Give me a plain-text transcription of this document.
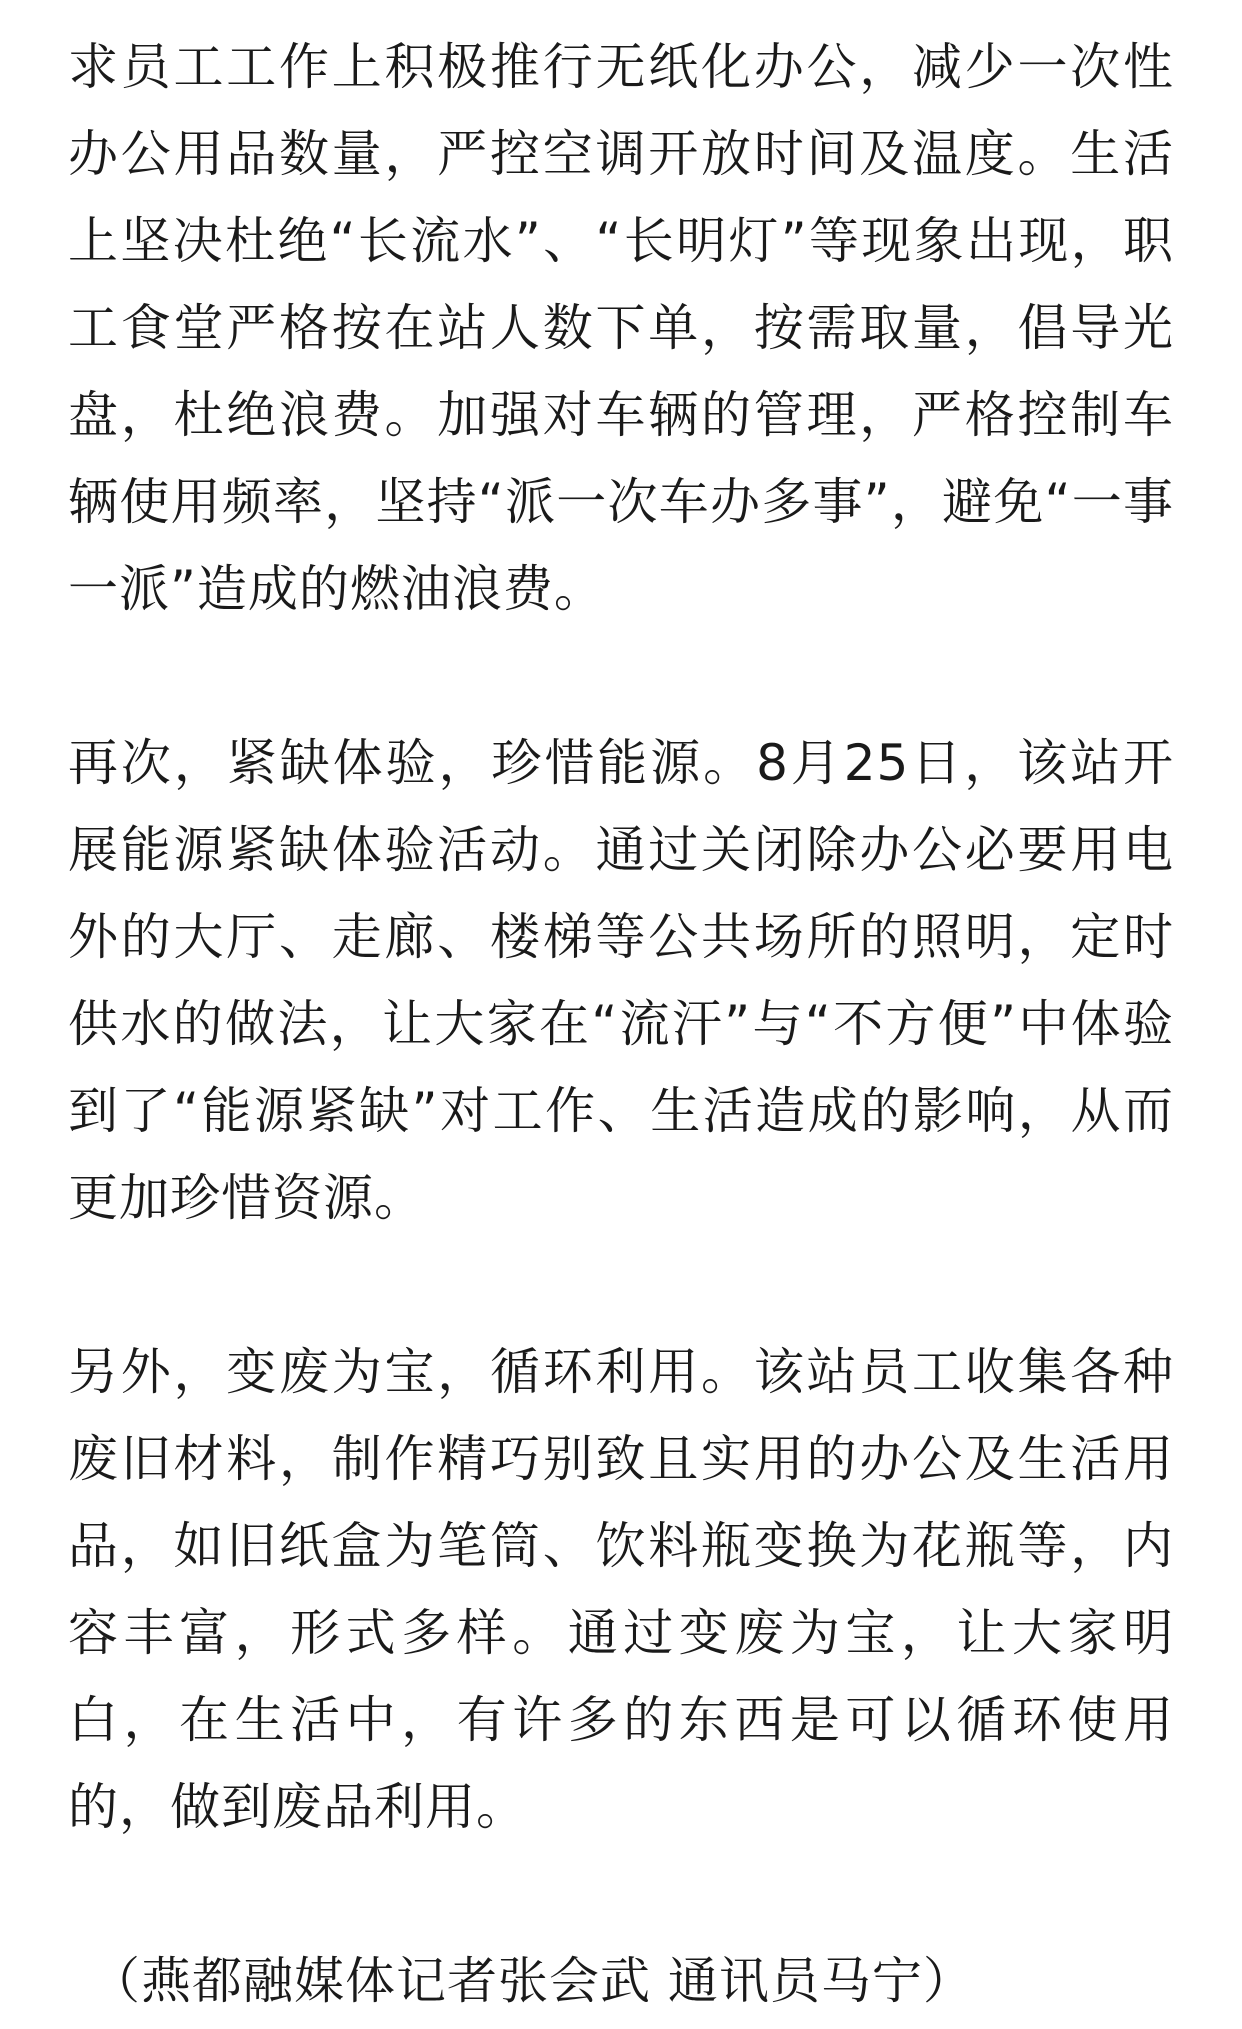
求员工工作上积极推行无纸化办公，减少一次性办公用品数量，严控空调开放时间及温度。生活上坚决杜绝“长流水”、“长明灯”等现象出现，职工食堂严格按在站人数下单，按需取量，倡导光盘，杜绝浪费。加强对车辆的管理，严格控制车辆使用频率，坚持“派一次车办多事”，避免“一事一派”造成的燃油浪费。

再次，紧缺体验，珍惜能源。8月25日，该站开展能源紧缺体验活动。通过关闭除办公必要用电外的大厅、走廊、楼梯等公共场所的照明，定时供水的做法，让大家在“流汗”与“不方便”中体验到了“能源紧缺”对工作、生活造成的影响，从而更加珍惜资源。

另外，变废为宝，循环利用。该站员工收集各种废旧材料，制作精巧别致且实用的办公及生活用品，如旧纸盒为笔筒、饮料瓶变换为花瓶等，内容丰富，形式多样。通过变废为宝，让大家明白，在生活中，有许多的东西是可以循环使用的，做到废品利用。

（燕都融媒体记者张会武 通讯员马宁）
